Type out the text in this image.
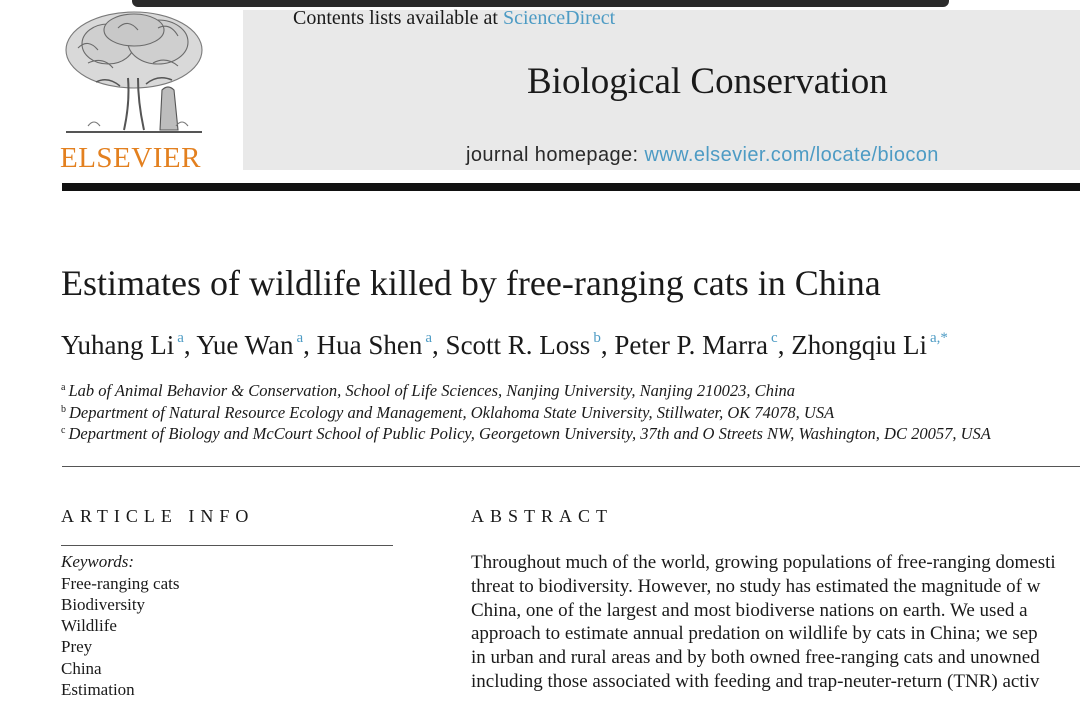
ELSEVIER
Contents lists available at ScienceDirect
Biological Conservation
journal homepage: www.elsevier.com/locate/biocon
Estimates of wildlife killed by free-ranging cats in China
Yuhang Li $^a$, Yue Wan $^a$, Hua Shen $^a$, Scott R. Loss $^b$, Peter P. Marra $^c$, Zhongqiu Li $^{a,*}$
$^a$ Lab of Animal Behavior & Conservation, School of Life Sciences, Nanjing University, Nanjing 210023, China
$^b$ Department of Natural Resource Ecology and Management, Oklahoma State University, Stillwater, OK 74078, USA
$^c$ Department of Biology and McCourt School of Public Policy, Georgetown University, 37th and O Streets NW, Washington, DC 20057, USA
ARTICLE INFO	ABSTRACT
Keywords:
Free-ranging cats
Biodiversity
Wildlife
Prey
China
Estimation
Throughout much of the world, growing populations of free-ranging domesti
threat to biodiversity. However, no study has estimated the magnitude of w
China, one of the largest and most biodiverse nations on earth. We used a
approach to estimate annual predation on wildlife by cats in China; we sep
in urban and rural areas and by both owned free-ranging cats and unowned
including those associated with feeding and trap-neuter-return (TNR) activ
